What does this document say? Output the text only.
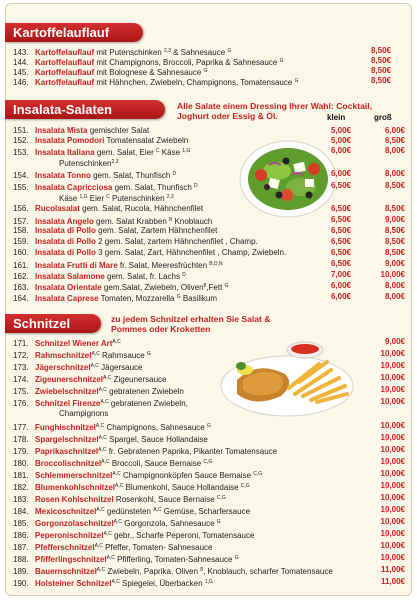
Kartoffelauflauf
Insalata-Salaten	Alle Salate einem Dressing Ihrer Wahl: Cocktail, Joghurt oder Essig & Öl.	klein	groß
Schnitzel	zu jedem Schnitzel erhalten Sie Salat & Pommes oder Kroketten
143. Kartoffelauflauf mit Putenschinken $^{2,3}$ & Sahnesauce $^G$	8,50€
144. Kartoffelauflauf mit Champignons, Broccoli, Paprika & Sahnesauce $^G$	8,50€
145. Kartoffelauflauf mit Bolognese & Sahnesauce $^G$	8,50€
146. Kartoffelauflauf mit Hähnchen, Zwiebeln, Champignons, Tomatensauce $^G$	8,50€
151. Insalata Mista gemischter Salat	5,00€	6,00€
152. Insalata Pomodori Tomatensalat Zwiebeln	5,00€	6,50€
153. Insalata Italiana gem. Salat, Eier $^C$ Käse $^{1,G}$	6,00€	8,00€
154. Insalata Tonno gem. Salat, Thunfisch $^D$	6,00€	8,00€
155. Insalata Capricciosa gem. Salat, Thunfisch $^D$	6,50€	8,50€
156. Rucolasalat gem. Salat, Rucola, Hähnchenfilet	6,50€	8,50€
157. Insalata Angelo gem. Salat Krabben $^B$ Knoblauch	6,50€	9,00€
158. Insalata di Pollo gem. Salat, Zartem Hähnchenfilet	6,50€	8,50€
159. Insalata di Pollo 2 gem. Salat, zartem Hähnchenfilet , Champ.	6,50€	8,50€
160. Insalata di Pollo 3 gem. Salat, Zart, Hähnchenfilet , Champ, Zwiebeln.	6,50€	8,50€
161. Insalata Frutti di Mare fr. Salat, Meeresfrüchten $^{B,D,N}$	6,50€	9,00€
162. Insalata Salamone gem. Salat, fr. Lachs $^D$	7,00€	10,00€
163. Insalata Orientale gem.Salat, Zwiebeln, Oliven$^8$,Fett $^G$	6,00€	8,00€
164. Insalata Caprese Tomaten, Mozzarella $^G$ Basilikum	6,00€	8,00€
Putenschinken$^{2,3}$
Käse $^{1,G}$ Eier $^C$ Putenschinken $^{2,3}$
171. Schnitzel Wiener Art$^{A,C}$	9,00€
172. Rahmschnitzel$^{A,C}$ Rahmsauce $^G$	10,00€
173. Jägerschnitzel$^{A,C}$ Jägersauce	10,00€
174. Zigeunerschnitzel$^{A,C}$ Zigeunersauce	10,00€
175. Zwiebelschnitzel$^{A,C}$ gebratenen Zwiebeln	10,00€
176. Schnitzel Firenze$^{A,C}$ gebratenen Zwiebeln,	10,00€
177. Funghischnitzel$^{A,C}$ Champignons, Sahnesauce $^G$	10,00€
178. Spargelschnitzel$^{A,C}$ Spargel, Sauce Hollandaise	10,00€
179. Paprikaschnitzel$^{A,C}$ fr. Gebratenen Paprika, Pikanter Tomatensauce	10,00€
180. Broccolischnitzel$^{A,C}$ Broccoli, Sauce Bernaise $^{C,G}$	10,00€
181. Schlemmerschnitzel$^{A,C}$ Champignonköpfen Sauce Bernaise $^{C,G}$	10,00€
182. Blumenkohlschnitzel$^{A,C}$ Blumenkohl, Sauce Hollandaise $^{C,G}$	10,00€
183. Rosen Kohlschnitzel Rosenkohl, Sauce Bernaise $^{C,G}$	10,00€
184. Mexicoschnitzel$^{A,C}$ gedünsteten $^{A,C}$ Gemüse, Scharfersauce	10,00€
185. Gorgonzolaschnitzel$^{A,C}$ Gorgonzola, Sahnesauce $^G$	10,00€
186. Peperonischnitzel$^{A,C}$ gebr., Scharfe Peperoni, Tomatensauce	10,00€
187. Pfefferschnitzel$^{A,C}$ Pfeffer, Tomaten- Sahnesauce	10,00€
188. Pfifferlingschnitzel$^{A,C}$ Pfifferling, Tomaten-Sahnesauce $^G$	10,00€
189. Bauernschnitzel$^{A,C}$ Zwiebeln, Paprika, Oliven $^8$, Knoblauch, scharfer Tomatensauce	11,00€
190. Holsteiner Schnitzel$^{A,C}$ Spiegelei, Überbacken $^{1,G}$	11,00€
Champignons
